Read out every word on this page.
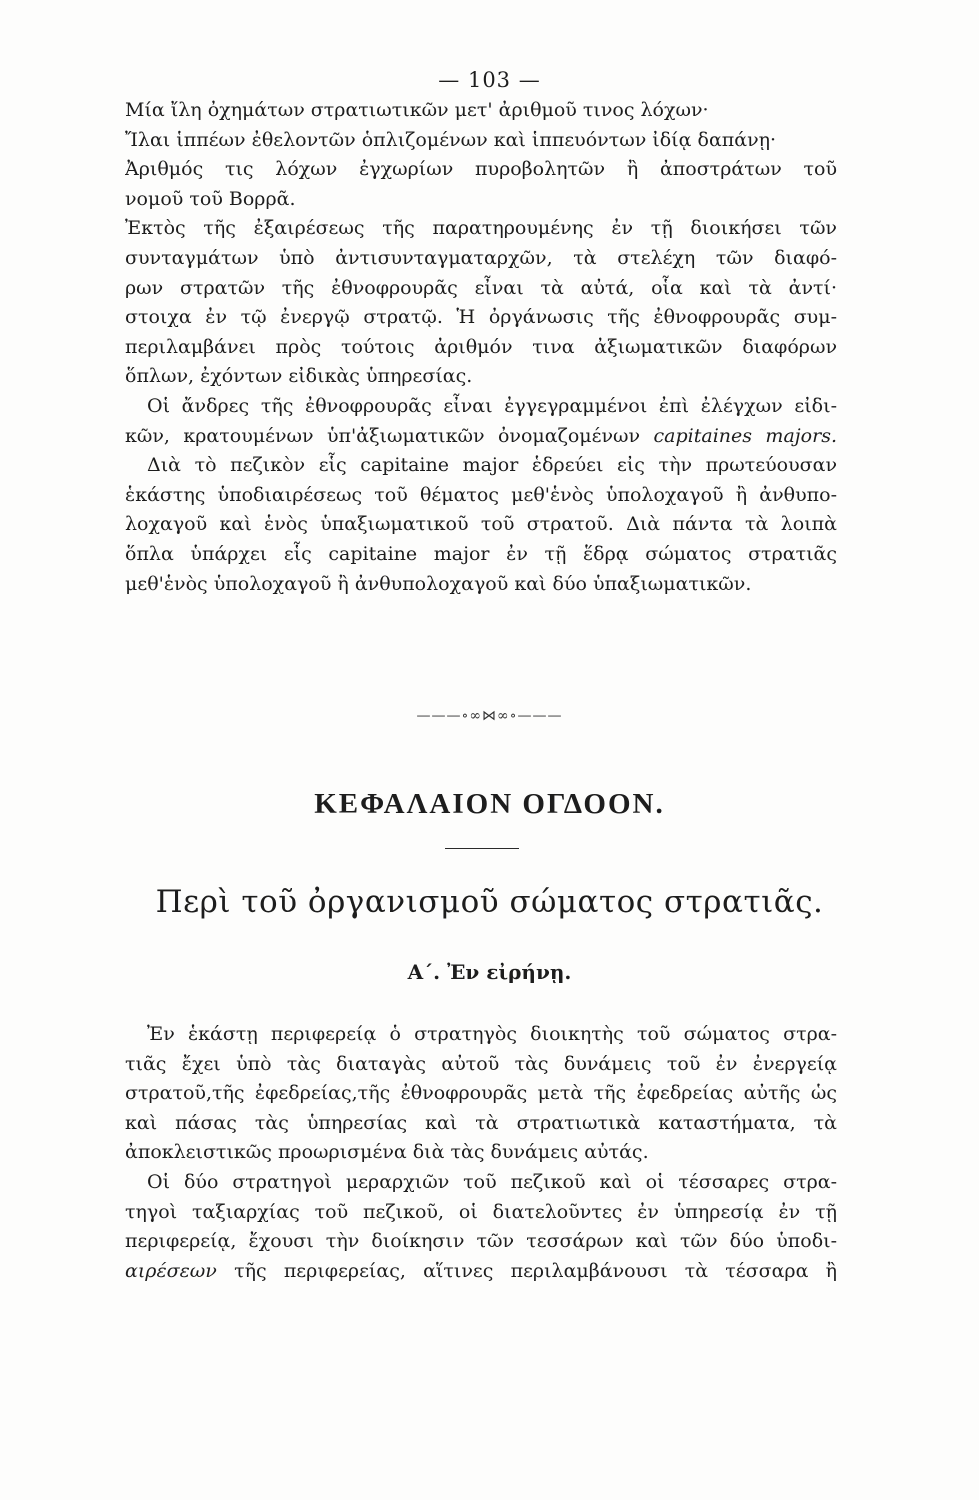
— 103 —
Μία ἴλη ὀχημάτων στρατιωτικῶν μετ' ἀριθμοῦ τινος λόχων·
Ἴλαι ἱππέων ἐθελοντῶν ὁπλιζομένων καὶ ἱππευόντων ἰδίᾳ δαπάνῃ·
Ἀριθμός τις λόχων ἐγχωρίων πυροβολητῶν ἢ ἀποστράτων τοῦ
νομοῦ τοῦ Βορρᾶ.
Ἐκτὸς τῆς ἐξαιρέσεως τῆς παρατηρουμένης ἐν τῇ διοικήσει τῶν
συνταγμάτων ὑπὸ ἀντισυνταγματαρχῶν, τὰ στελέχη τῶν διαφό-
ρων στρατῶν τῆς ἐθνοφρουρᾶς εἶναι τὰ αὐτά, οἷα καὶ τὰ ἀντί·
στοιχα ἐν τῷ ἐνεργῷ στρατῷ. Ἡ ὀργάνωσις τῆς ἐθνοφρουρᾶς συμ-
περιλαμβάνει πρὸς τούτοις ἀριθμόν τινα ἀξιωματικῶν διαφόρων
ὅπλων, ἐχόντων εἰδικὰς ὑπηρεσίας.
Οἱ ἄνδρες τῆς ἐθνοφρουρᾶς εἶναι ἐγγεγραμμένοι ἐπὶ ἐλέγχων εἰδι-
κῶν, κρατουμένων ὑπ'ἀξιωματικῶν ὀνομαζομένων capitaines majors.
Διὰ τὸ πεζικὸν εἷς capitaine major ἑδρεύει εἰς τὴν πρωτεύουσαν
ἑκάστης ὑποδιαιρέσεως τοῦ θέματος μεθ'ἑνὸς ὑπολοχαγοῦ ἢ ἀνθυπο-
λοχαγοῦ καὶ ἑνὸς ὑπαξιωματικοῦ τοῦ στρατοῦ. Διὰ πάντα τὰ λοιπὰ
ὅπλα ὑπάρχει εἷς capitaine major ἐν τῇ ἕδρᾳ σώματος στρατιᾶς
μεθ'ἑνὸς ὑπολοχαγοῦ ἢ ἀνθυπολοχαγοῦ καὶ δύο ὑπαξιωματικῶν.
———∘∞⋈∞∘———
ΚΕΦΑΛΑΙΟΝ ΟΓΔΟΟΝ.
Περὶ τοῦ ὀργανισμοῦ σώματος στρατιᾶς.
Α΄. Ἐν εἰρήνῃ.
Ἐν ἑκάστῃ περιφερείᾳ ὁ στρατηγὸς διοικητὴς τοῦ σώματος στρα-
τιᾶς ἔχει ὑπὸ τὰς διαταγὰς αὐτοῦ τὰς δυνάμεις τοῦ ἐν ἐνεργείᾳ
στρατοῦ,τῆς ἐφεδρείας,τῆς ἐθνοφρουρᾶς μετὰ τῆς ἐφεδρείας αὐτῆς ὡς
καὶ πάσας τὰς ὑπηρεσίας καὶ τὰ στρατιωτικὰ καταστήματα, τὰ
ἀποκλειστικῶς προωρισμένα διὰ τὰς δυνάμεις αὐτάς.
Οἱ δύο στρατηγοὶ μεραρχιῶν τοῦ πεζικοῦ καὶ οἱ τέσσαρες στρα-
τηγοὶ ταξιαρχίας τοῦ πεζικοῦ, οἱ διατελοῦντες ἐν ὑπηρεσίᾳ ἐν τῇ
περιφερείᾳ, ἔχουσι τὴν διοίκησιν τῶν τεσσάρων καὶ τῶν δύο ὑποδι-
αιρέσεων τῆς περιφερείας, αἵτινες περιλαμβάνουσι τὰ τέσσαρα ἢ
